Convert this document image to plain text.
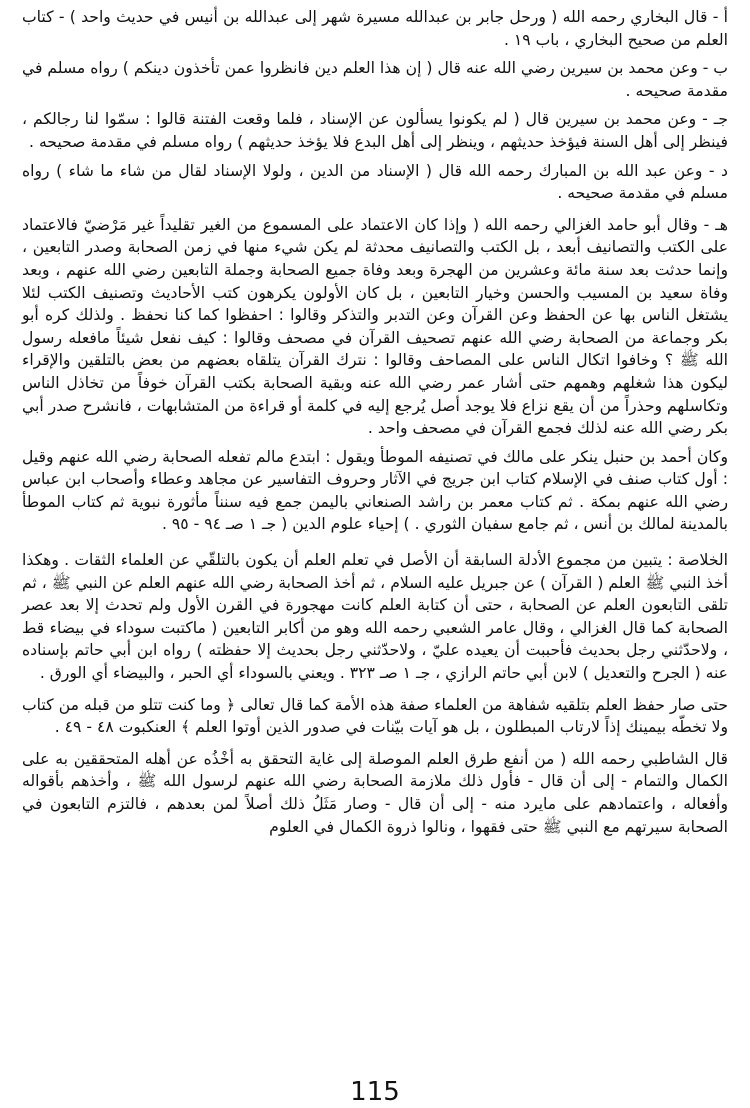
أ - قال البخاري رحمه الله ( ورحل جابر بن عبدالله مسيرة شهر إلى عبدالله بن أنيس في حديث واحد ) - كتاب العلم من صحيح البخاري ، باب ١٩ .

ب - وعن محمد بن سيرين رضي الله عنه قال ( إن هذا العلم دين فانظروا عمن تأخذون دينكم ) رواه مسلم في مقدمة صحيحه .

جـ - وعن محمد بن سيرين قال ( لم يكونوا يسألون عن الإسناد ، فلما وقعت الفتنة قالوا : سمّوا لنا رجالكم ، فينظر إلى أهل السنة فيؤخذ حديثهم ، وينظر إلى أهل البدع فلا يؤخذ حديثهم ) رواه مسلم في مقدمة صحيحه .

د - وعن عبد الله بن المبارك رحمه الله قال ( الإسناد من الدين ، ولولا الإسناد لقال من شاء ما شاء ) رواه مسلم في مقدمة صحيحه .

هـ - وقال أبو حامد الغزالي رحمه الله ( وإذا كان الاعتماد على المسموع من الغير تقليداً غير مَرْضيّ فالاعتماد على الكتب والتصانيف أبعد ، بل الكتب والتصانيف محدثة لم يكن شيء منها في زمن الصحابة وصدر التابعين ، وإنما حدثت بعد سنة مائة وعشرين من الهجرة وبعد وفاة جميع الصحابة وجملة التابعين رضي الله عنهم ، وبعد وفاة سعيد بن المسيب والحسن وخيار التابعين ، بل كان الأولون يكرهون كتب الأحاديث وتصنيف الكتب لئلا يشتغل الناس بها عن الحفظ وعن القرآن وعن التدبر والتذكر وقالوا : احفظوا كما كنا نحفظ . ولذلك كره أبو بكر وجماعة من الصحابة رضي الله عنهم تصحيف القرآن في مصحف وقالوا : كيف نفعل شيئاً مافعله رسول الله ﷺ ؟ وخافوا اتكال الناس على المصاحف وقالوا : نترك القرآن يتلقاه بعضهم من بعض بالتلقين والإقراء ليكون هذا شغلهم وهمهم حتى أشار عمر رضي الله عنه وبقية الصحابة بكتب القرآن خوفاً من تخاذل الناس وتكاسلهم وحذراً من أن يقع نزاع فلا يوجد أصل يُرجع إليه في كلمة أو قراءة من المتشابهات ، فانشرح صدر أبي بكر رضي الله عنه لذلك فجمع القرآن في مصحف واحد .

وكان أحمد بن حنبل ينكر على مالك في تصنيفه الموطأ ويقول : ابتدع مالم تفعله الصحابة رضي الله عنهم وقيل : أول كتاب صنف في الإسلام كتاب ابن جريج في الآثار وحروف التفاسير عن مجاهد وعطاء وأصحاب ابن عباس رضي الله عنهم بمكة . ثم كتاب معمر بن راشد الصنعاني باليمن جمع فيه سنناً مأثورة نبوية ثم كتاب الموطأ بالمدينة لمالك بن أنس ، ثم جامع سفيان الثوري . ) إحياء علوم الدين ( جـ ١ صـ ٩٤ - ٩٥ .

الخلاصة : يتبين من مجموع الأدلة السابقة أن الأصل في تعلم العلم أن يكون بالتلقّي عن العلماء الثقات . وهكذا أخذ النبي ﷺ العلم ( القرآن ) عن جبريل عليه السلام ، ثم أخذ الصحابة رضي الله عنهم العلم عن النبي ﷺ ، ثم تلقى التابعون العلم عن الصحابة ، حتى أن كتابة العلم كانت مهجورة في القرن الأول ولم تحدث إلا بعد عصر الصحابة كما قال الغزالي ، وقال عامر الشعبي رحمه الله وهو من أكابر التابعين ( ماكتبت سوداء في بيضاء قط ، ولاحدّثني رجل بحديث فأحببت أن يعيده عليّ ، ولاحدّثني رجل بحديث إلا حفظته ) رواه ابن أبي حاتم بإسناده عنه ( الجرح والتعديل ) لابن أبي حاتم الرازي ، جـ ١ صـ ٣٢٣ . ويعني بالسوداء أي الحبر ، والبيضاء أي الورق .

حتى صار حفظ العلم بتلقيه شفاهة من العلماء صفة هذه الأمة كما قال تعالى ﴿ وما كنت تتلو من قبله من كتاب ولا تخطّه بيمينك إذاً لارتاب المبطلون ، بل هو آيات بيّنات في صدور الذين أوتوا العلم ﴾ العنكبوت ٤٨ - ٤٩ .

قال الشاطبي رحمه الله ( من أنفع طرق العلم الموصلة إلى غاية التحقق به أخْذُه عن أهله المتحققين به على الكمال والتمام - إلى أن قال - فأول ذلك ملازمة الصحابة رضي الله عنهم لرسول الله ﷺ ، وأخذهم بأقواله وأفعاله ، واعتمادهم على مايرد منه - إلى أن قال - وصار مَثَلُ ذلك أصلاً لمن بعدهم ، فالتزم التابعون في الصحابة سيرتهم مع النبي ﷺ حتى فقهوا ، ونالوا ذروة الكمال في العلوم

115
